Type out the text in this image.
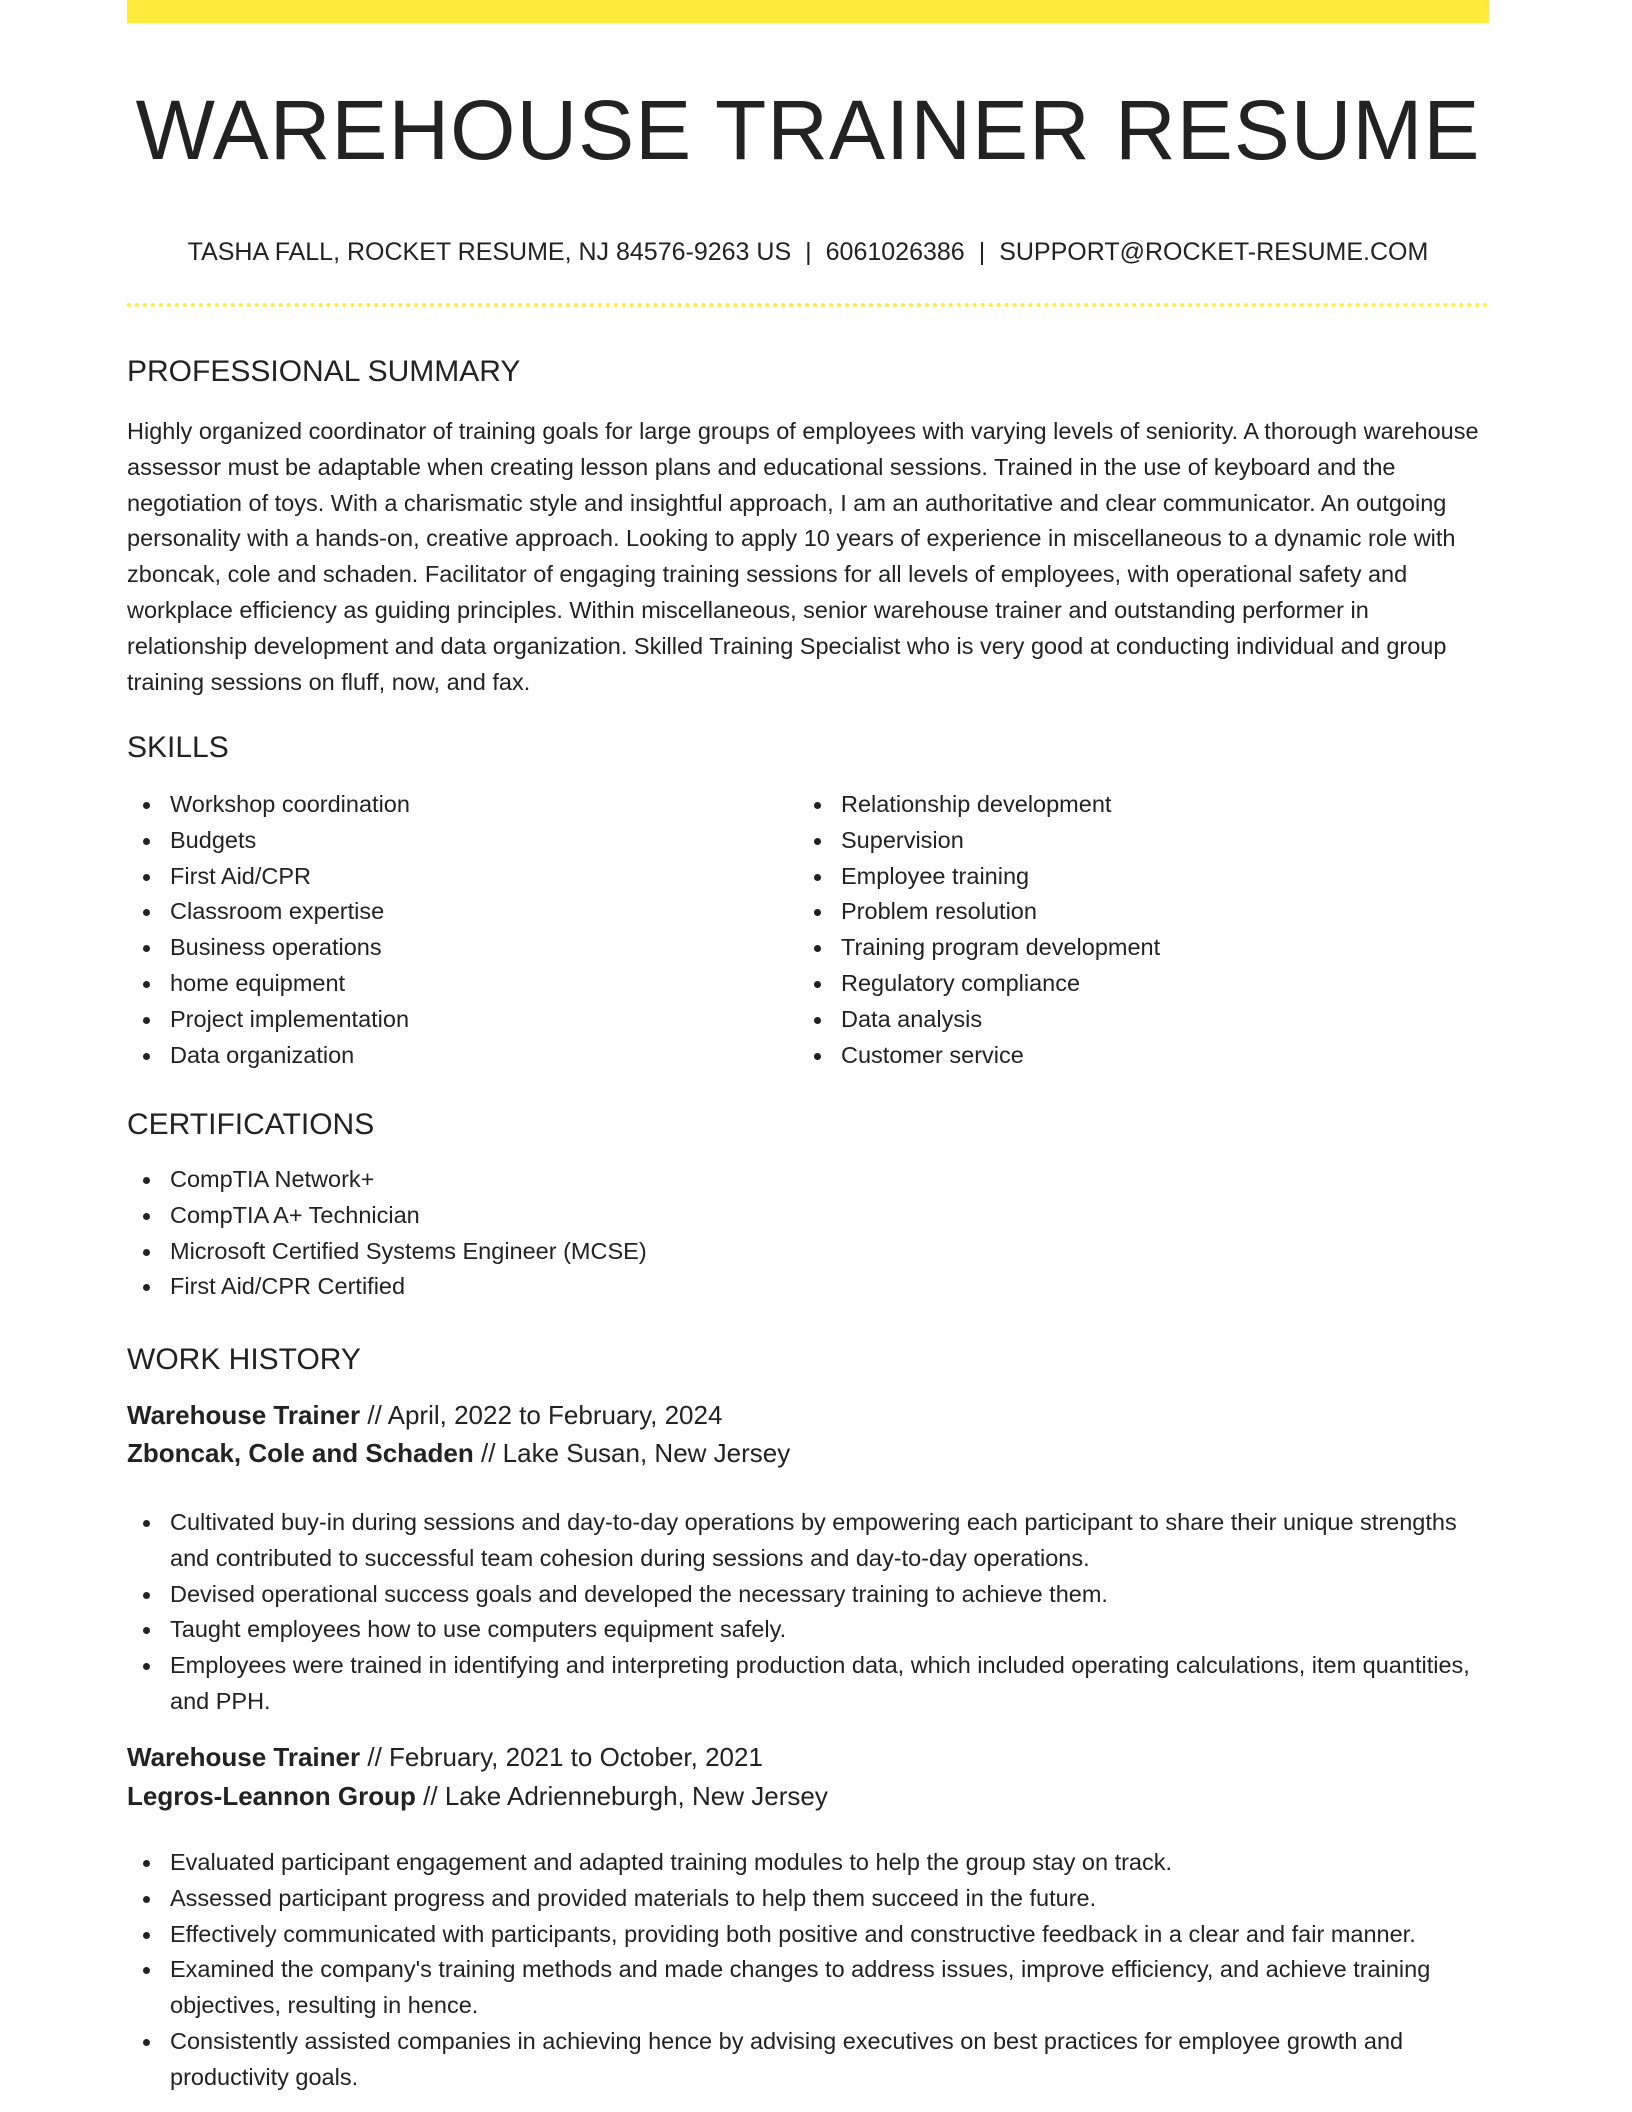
WAREHOUSE TRAINER RESUME
TASHA FALL, ROCKET RESUME, NJ 84576-9263 US | 6061026386 | SUPPORT@ROCKET-RESUME.COM
PROFESSIONAL SUMMARY

Highly organized coordinator of training goals for large groups of employees with varying levels of seniority. A thorough warehouse assessor must be adaptable when creating lesson plans and educational sessions. Trained in the use of keyboard and the negotiation of toys. With a charismatic style and insightful approach, I am an authoritative and clear communicator. An outgoing personality with a hands-on, creative approach. Looking to apply 10 years of experience in miscellaneous to a dynamic role with zboncak, cole and schaden. Facilitator of engaging training sessions for all levels of employees, with operational safety and workplace efficiency as guiding principles. Within miscellaneous, senior warehouse trainer and outstanding performer in relationship development and data organization. Skilled Training Specialist who is very good at conducting individual and group training sessions on fluff, now, and fax.

SKILLS
Workshop coordination
Budgets
First Aid/CPR
Classroom expertise
Business operations
home equipment
Project implementation
Data organization
Relationship development
Supervision
Employee training
Problem resolution
Training program development
Regulatory compliance
Data analysis
Customer service
CERTIFICATIONS
CompTIA Network+
CompTIA A+ Technician
Microsoft Certified Systems Engineer (MCSE)
First Aid/CPR Certified
WORK HISTORY
Warehouse Trainer // April, 2022 to February, 2024
Zboncak, Cole and Schaden // Lake Susan, New Jersey
Cultivated buy-in during sessions and day-to-day operations by empowering each participant to share their unique strengths and contributed to successful team cohesion during sessions and day-to-day operations.
Devised operational success goals and developed the necessary training to achieve them.
Taught employees how to use computers equipment safely.
Employees were trained in identifying and interpreting production data, which included operating calculations, item quantities, and PPH.
Warehouse Trainer // February, 2021 to October, 2021
Legros-Leannon Group // Lake Adrienneburgh, New Jersey
Evaluated participant engagement and adapted training modules to help the group stay on track.
Assessed participant progress and provided materials to help them succeed in the future.
Effectively communicated with participants, providing both positive and constructive feedback in a clear and fair manner.
Examined the company's training methods and made changes to address issues, improve efficiency, and achieve training objectives, resulting in hence.
Consistently assisted companies in achieving hence by advising executives on best practices for employee growth and productivity goals.
